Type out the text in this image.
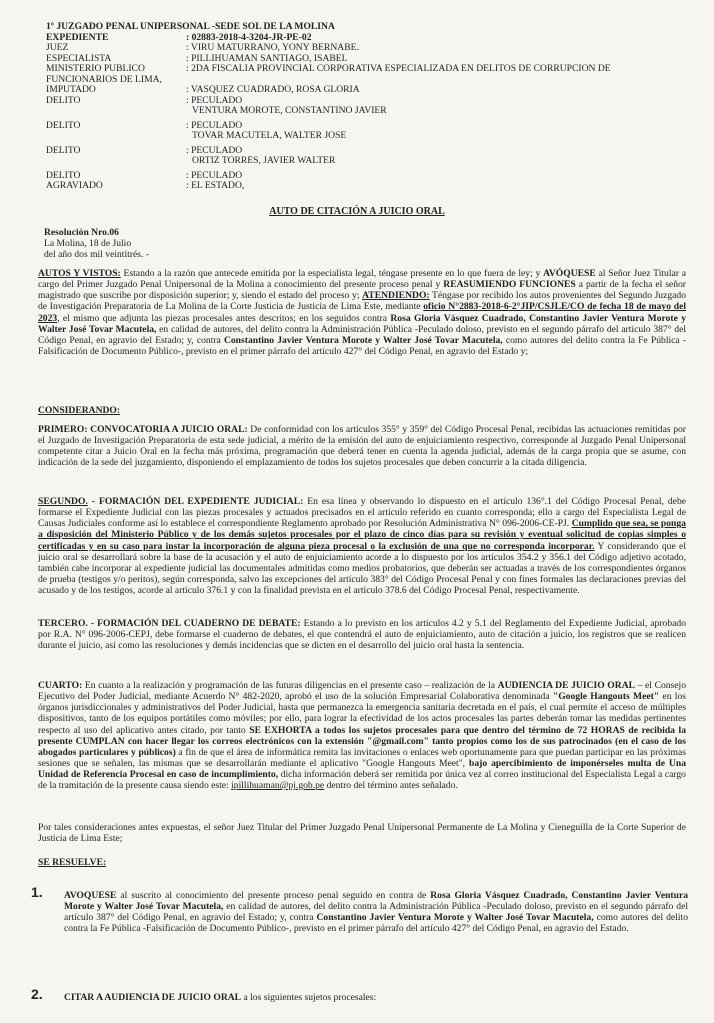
1º JUZGADO PENAL UNIPERSONAL -SEDE SOL DE LA MOLINA
EXPEDIENTE	: 02883-2018-4-3204-JR-PE-02
JUEZ	: VIRU MATURRANO, YONY BERNABE.
ESPECIALISTA	: PILLIHUAMAN SANTIAGO, ISABEL
MINISTERIO PUBLICO	: 2DA FISCALIA PROVINCIAL CORPORATIVA ESPECIALIZADA EN DELITOS DE CORRUPCION DE
FUNCIONARIOS DE LIMA,
IMPUTADO	: VASQUEZ CUADRADO, ROSA GLORIA
DELITO	: PECULADO
VENTURA MOROTE, CONSTANTINO JAVIER
DELITO	: PECULADO
TOVAR MACUTELA, WALTER JOSE
DELITO	: PECULADO
ORTIZ TORRES, JAVIER WALTER
DELITO	: PECULADO
AGRAVIADO	: EL ESTADO,
AUTO DE CITACIÓN A JUICIO ORAL
Resolución Nro.06
La Molina, 18 de Julio
del año dos mil veintitrés. -
AUTOS Y VISTOS: Estando a la razón que antecede emitida por la especialista legal, téngase presente en lo que fuera de ley; y AVÓQUESE al Señor Juez Titular a cargo del Primer Juzgado Penal Unipersonal de la Molina a conocimiento del presente proceso penal y REASUMIENDO FUNCIONES a partir de la fecha el señor magistrado que suscribe por disposición superior; y, siendo el estado del proceso y; ATENDIENDO: Téngase por recibido los autos provenientes del Segundo Juzgado de Investigación Preparatoria de La Molina de la Corte Justicia de Justicia de Lima Este, mediante oficio N°2883-2018-6-2°JIP/CSJLE/CO de fecha 18 de mayo del 2023, el mismo que adjunta las piezas procesales antes descritos; en los seguidos contra Rosa Gloria Vásquez Cuadrado, Constantino Javier Ventura Morote y Walter José Tovar Macutela, en calidad de autores, del delito contra la Administración Pública -Peculado doloso, previsto en el segundo párrafo del artículo 387° del Código Penal, en agravio del Estado; y, contra Constantino Javier Ventura Morote y Walter José Tovar Macutela, como autores del delito contra la Fe Pública -Falsificación de Documento Público-, previsto en el primer párrafo del artículo 427° del Código Penal, en agravio del Estado y;
CONSIDERANDO:
PRIMERO: CONVOCATORIA A JUICIO ORAL: De conformidad con los artículos 355° y 359° del Código Procesal Penal, recibidas las actuaciones remitidas por el Juzgado de Investigación Preparatoria de esta sede judicial, a mérito de la emisión del auto de enjuiciamiento respectivo, corresponde al Juzgado Penal Unipersonal competente citar a Juicio Oral en la fecha más próxima, programación que deberá tener en cuenta la agenda judicial, además de la carga propia que se asume, con indicación de la sede del juzgamiento, disponiendo el emplazamiento de todos los sujetos procesales que deben concurrir a la citada diligencia.
SEGUNDO. - FORMACIÓN DEL EXPEDIENTE JUDICIAL: En esa línea y observando lo dispuesto en el artículo 136°.1 del Código Procesal Penal, debe formarse el Expediente Judicial con las piezas procesales y actuados precisados en el artículo referido en cuanto corresponda; ello a cargo del Especialista Legal de Causas Judiciales conforme así lo establece el correspondiente Reglamento aprobado por Resolución Administrativa N° 096-2006-CE-PJ. Cumplido que sea, se ponga a disposición del Ministerio Público y de los demás sujetos procesales por el plazo de cinco días para su revisión y eventual solicitud de copias simples o certificadas y en su caso para instar la incorporación de alguna pieza procesal o la exclusión de una que no corresponda incorporar. Y considerando que el juicio oral se desarrollará sobre la base de la acusación y el auto de enjuiciamiento acorde a lo dispuesto por los artículos 354.2 y 356.1 del Código adjetivo acotado, también cabe incorporar al expediente judicial las documentales admitidas como medios probatorios, que deberán ser actuadas a través de los correspondientes órganos de prueba (testigos y/o peritos), según corresponda, salvo las excepciones del artículo 383° del Código Procesal Penal y con fines formales las declaraciones previas del acusado y de los testigos, acorde al artículo 376.1 y con la finalidad prevista en el artículo 378.6 del Código Procesal Penal, respectivamente.
TERCERO. - FORMACIÓN DEL CUADERNO DE DEBATE: Estando a lo previsto en los artículos 4.2 y 5.1 del Reglamento del Expediente Judicial, aprobado por R.A. N° 096-2006-CEPJ, debe formarse el cuaderno de debates, el que contendrá el auto de enjuiciamiento, auto de citación a juicio, los registros que se realicen durante el juicio, así como las resoluciones y demás incidencias que se dicten en el desarrollo del juicio oral hasta la sentencia.
CUARTO: En cuanto a la realización y programación de las futuras diligencias en el presente caso – realización de la AUDIENCIA DE JUICIO ORAL – el Consejo Ejecutivo del Poder Judicial, mediante Acuerdo N° 482-2020, aprobó el uso de la solución Empresarial Colaborativa denominada "Google Hangouts Meet" en los órganos jurisdiccionales y administrativos del Poder Judicial, hasta que permanezca la emergencia sanitaria decretada en el país, el cual permite el acceso de múltiples dispositivos, tanto de los equipos portátiles como móviles; por ello, para lograr la efectividad de los actos procesales las partes deberán tomar las medidas pertinentes respecto al uso del aplicativo antes citado, por tanto SE EXHORTA a todos los sujetos procesales para que dentro del término de 72 HORAS de recibida la presente CUMPLAN con hacer llegar los correos electrónicos con la extensión "@gmail.com" tanto propios como los de sus patrocinados (en el caso de los abogados particulares y públicos) a fin de que el área de informática remita las invitaciones o enlaces web oportunamente para que puedan participar en las próximas sesiones que se señalen, las mismas que se desarrollarán mediante el aplicativo "Google Hangouts Meet", bajo apercibimiento de imponérseles multa de Una Unidad de Referencia Procesal en caso de incumplimiento, dicha información deberá ser remitida por única vez al correo institucional del Especialista Legal a cargo de la tramitación de la presente causa siendo este: ipillihuaman@pj.gob.pe dentro del término antes señalado.
Por tales consideraciones antes expuestas, el señor Juez Titular del Primer Juzgado Penal Unipersonal Permanente de La Molina y Cieneguilla de la Corte Superior de Justicia de Lima Este;
SE RESUELVE:
1. AVOQUESE al suscrito al conocimiento del presente proceso penal seguido en contra de Rosa Gloria Vásquez Cuadrado, Constantino Javier Ventura Morote y Walter José Tovar Macutela, en calidad de autores, del delito contra la Administración Pública -Peculado doloso, previsto en el segundo párrafo del artículo 387° del Código Penal, en agravio del Estado; y, contra Constantino Javier Ventura Morote y Walter José Tovar Macutela, como autores del delito contra la Fe Pública -Falsificación de Documento Público-, previsto en el primer párrafo del artículo 427° del Código Penal, en agravio del Estado.
2. CITAR A AUDIENCIA DE JUICIO ORAL a los siguientes sujetos procesales:
